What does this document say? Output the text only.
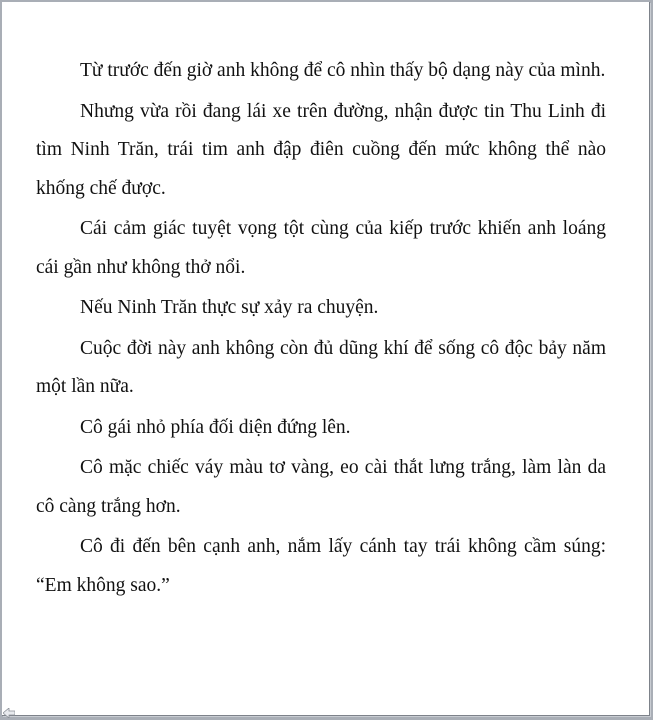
Từ trước đến giờ anh không để cô nhìn thấy bộ dạng này của mình.

Nhưng vừa rồi đang lái xe trên đường, nhận được tin Thu Linh đi tìm Ninh Trăn, trái tim anh đập điên cuồng đến mức không thể nào khống chế được.

Cái cảm giác tuyệt vọng tột cùng của kiếp trước khiến anh loáng cái gần như không thở nổi.

Nếu Ninh Trăn thực sự xảy ra chuyện.

Cuộc đời này anh không còn đủ dũng khí để sống cô độc bảy năm một lần nữa.

Cô gái nhỏ phía đối diện đứng lên.

Cô mặc chiếc váy màu tơ vàng, eo cài thắt lưng trắng, làm làn da cô càng trắng hơn.

Cô đi đến bên cạnh anh, nắm lấy cánh tay trái không cầm súng: “Em không sao.”
